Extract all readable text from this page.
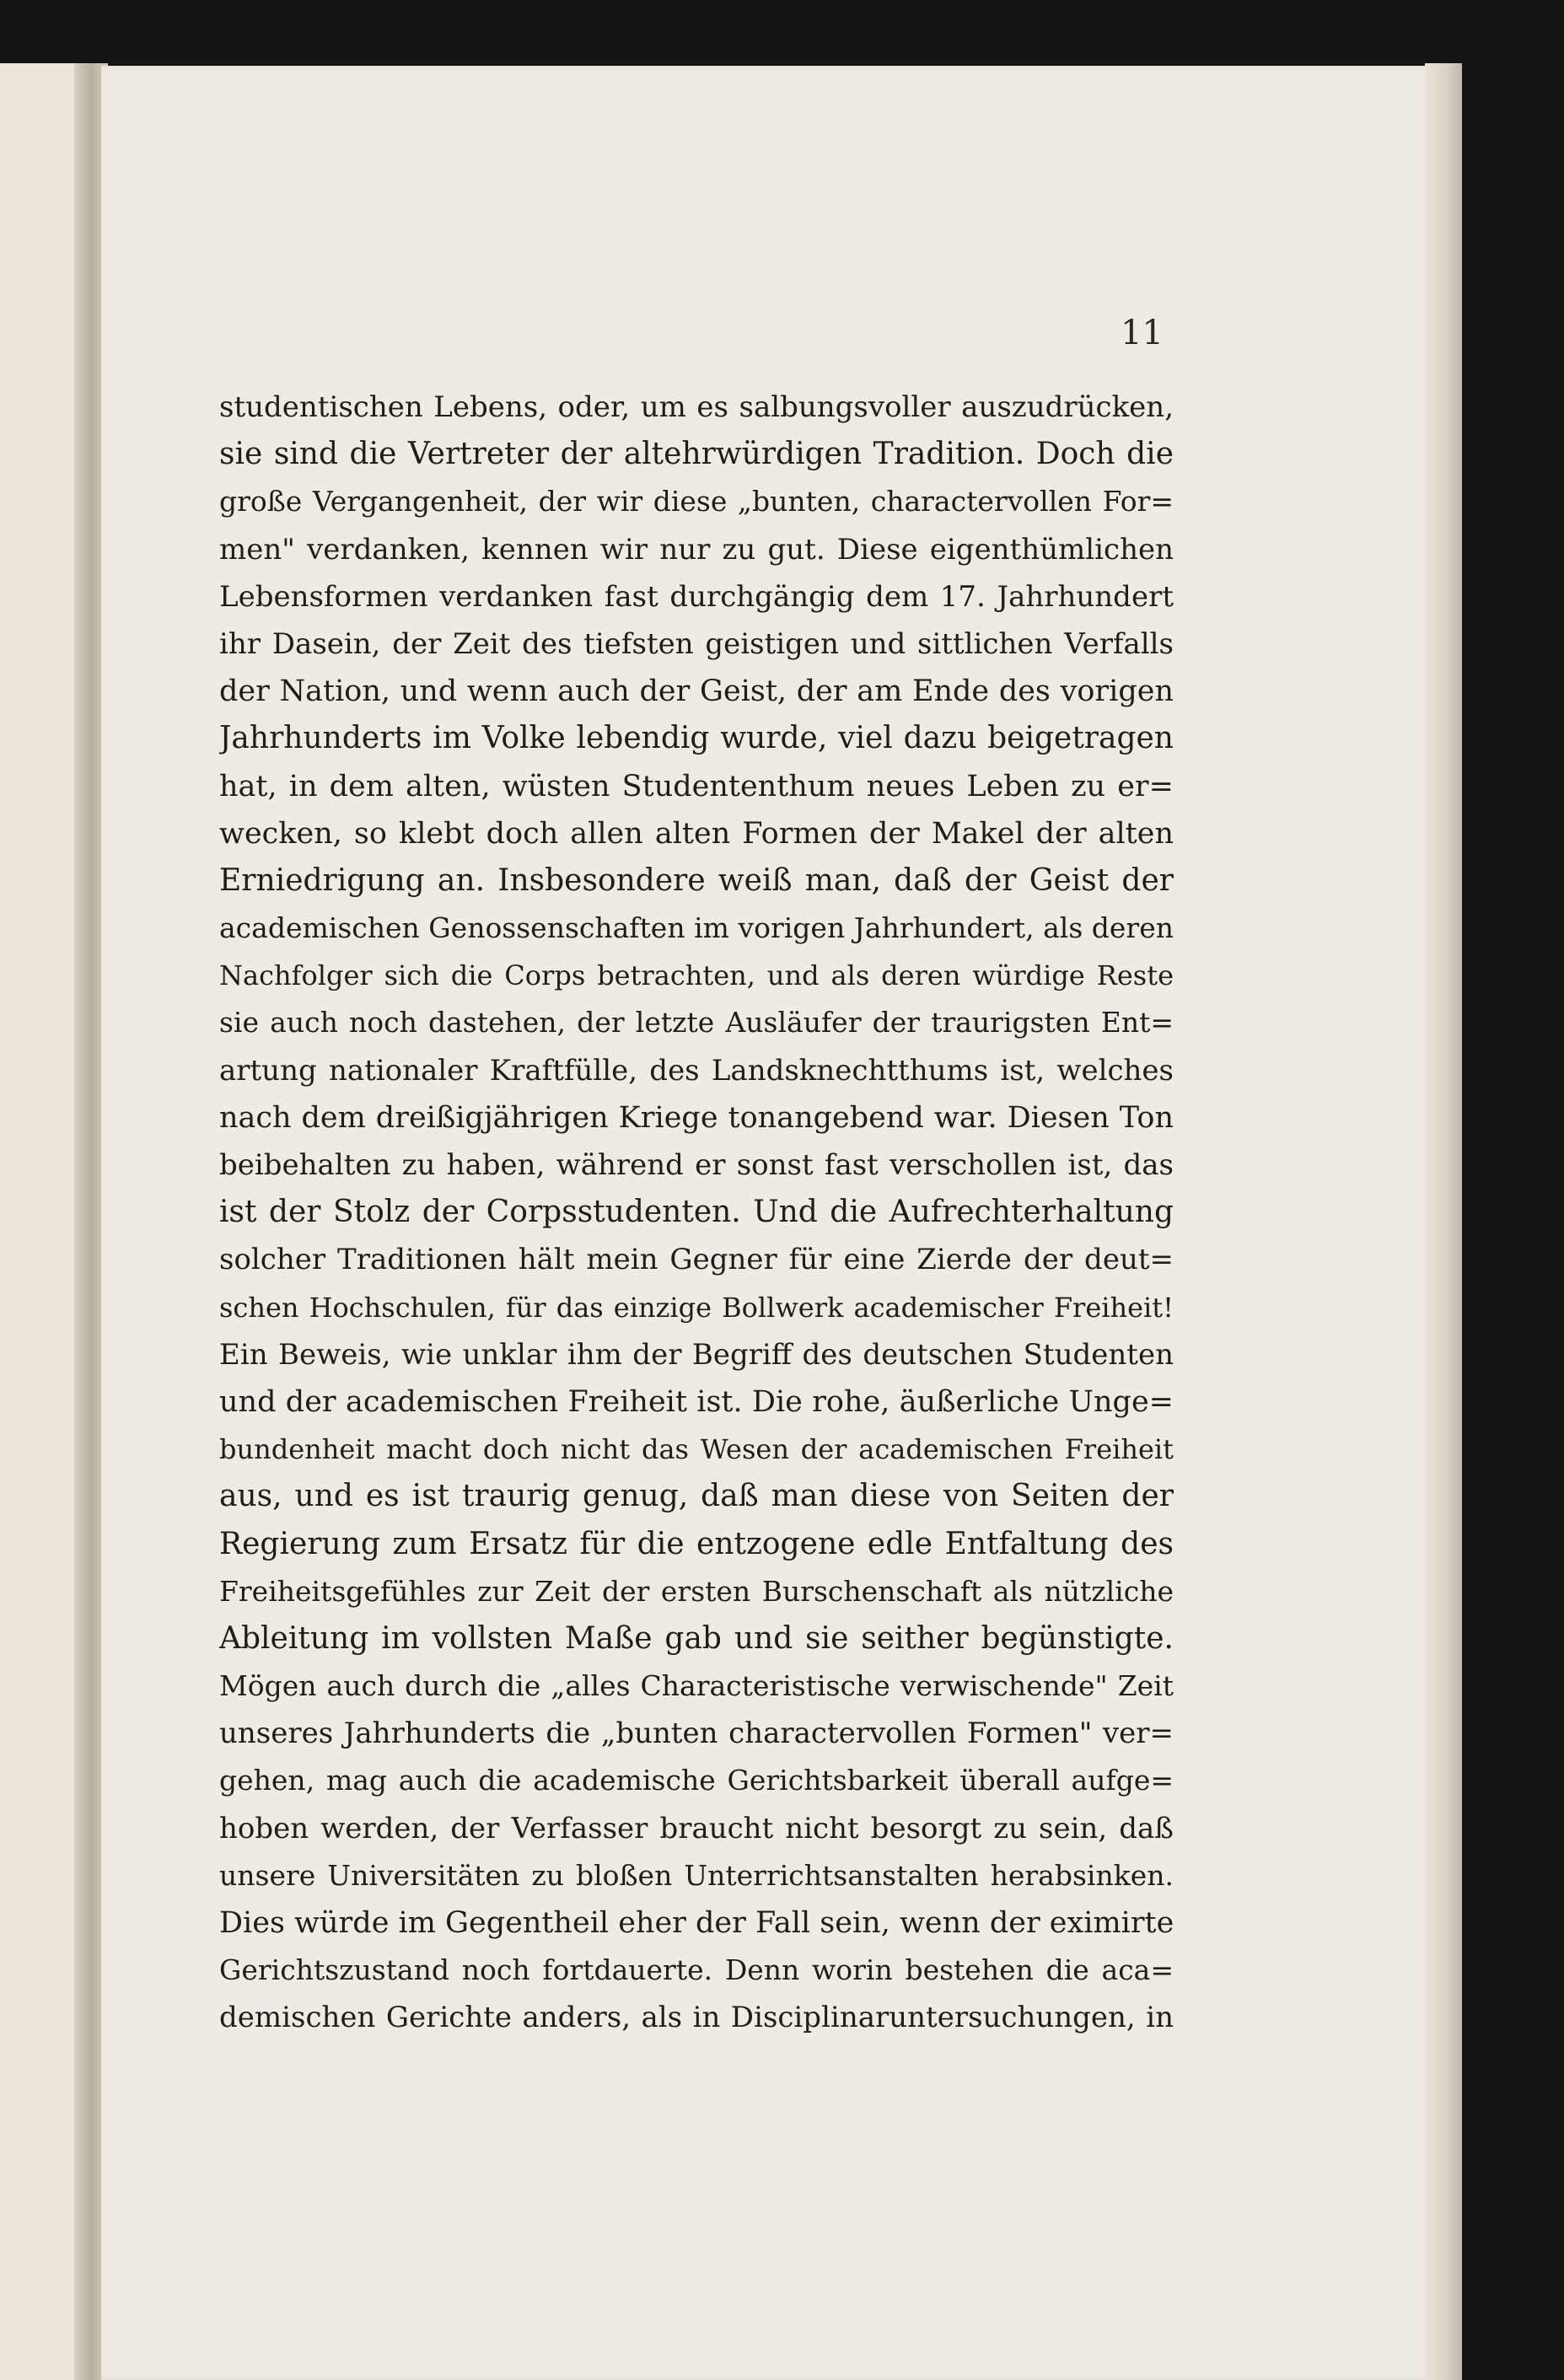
11
studentischen Lebens, oder, um es salbungsvoller auszudrücken,
sie sind die Vertreter der altehrwürdigen Tradition. Doch die
große Vergangenheit, der wir diese „bunten, charactervollen For=
men" verdanken, kennen wir nur zu gut. Diese eigenthümlichen
Lebensformen verdanken fast durchgängig dem 17. Jahrhundert
ihr Dasein, der Zeit des tiefsten geistigen und sittlichen Verfalls
der Nation, und wenn auch der Geist, der am Ende des vorigen
Jahrhunderts im Volke lebendig wurde, viel dazu beigetragen
hat, in dem alten, wüsten Studententhum neues Leben zu er=
wecken, so klebt doch allen alten Formen der Makel der alten
Erniedrigung an. Insbesondere weiß man, daß der Geist der
academischen Genossenschaften im vorigen Jahrhundert, als deren
Nachfolger sich die Corps betrachten, und als deren würdige Reste
sie auch noch dastehen, der letzte Ausläufer der traurigsten Ent=
artung nationaler Kraftfülle, des Landsknechtthums ist, welches
nach dem dreißigjährigen Kriege tonangebend war. Diesen Ton
beibehalten zu haben, während er sonst fast verschollen ist, das
ist der Stolz der Corpsstudenten. Und die Aufrechterhaltung
solcher Traditionen hält mein Gegner für eine Zierde der deut=
schen Hochschulen, für das einzige Bollwerk academischer Freiheit!
Ein Beweis, wie unklar ihm der Begriff des deutschen Studenten
und der academischen Freiheit ist. Die rohe, äußerliche Unge=
bundenheit macht doch nicht das Wesen der academischen Freiheit
aus, und es ist traurig genug, daß man diese von Seiten der
Regierung zum Ersatz für die entzogene edle Entfaltung des
Freiheitsgefühles zur Zeit der ersten Burschenschaft als nützliche
Ableitung im vollsten Maße gab und sie seither begünstigte.
Mögen auch durch die „alles Characteristische verwischende" Zeit
unseres Jahrhunderts die „bunten charactervollen Formen" ver=
gehen, mag auch die academische Gerichtsbarkeit überall aufge=
hoben werden, der Verfasser braucht nicht besorgt zu sein, daß
unsere Universitäten zu bloßen Unterrichtsanstalten herabsinken.
Dies würde im Gegentheil eher der Fall sein, wenn der eximirte
Gerichtszustand noch fortdauerte. Denn worin bestehen die aca=
demischen Gerichte anders, als in Disciplinaruntersuchungen, in
